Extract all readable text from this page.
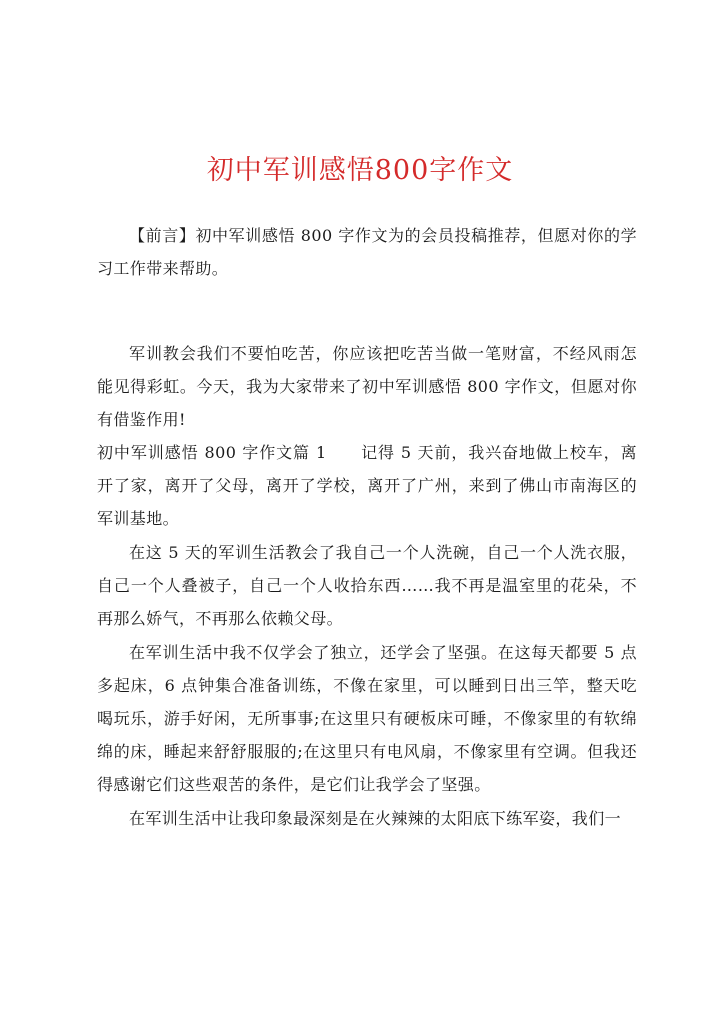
初中军训感悟800字作文

【前言】初中军训感悟 800 字作文为的会员投稿推荐，但愿对你的学习工作带来帮助。

军训教会我们不要怕吃苦，你应该把吃苦当做一笔财富，不经风雨怎能见得彩虹。今天，我为大家带来了初中军训感悟 800 字作文，但愿对你有借鉴作用!

初中军训感悟 800 字作文篇 1 记得 5 天前，我兴奋地做上校车，离开了家，离开了父母，离开了学校，离开了广州，来到了佛山市南海区的军训基地。

在这 5 天的军训生活教会了我自己一个人洗碗，自己一个人洗衣服，自己一个人叠被子，自己一个人收拾东西……我不再是温室里的花朵，不再那么娇气，不再那么依赖父母。

在军训生活中我不仅学会了独立，还学会了坚强。在这每天都要 5 点多起床，6 点钟集合准备训练，不像在家里，可以睡到日出三竿，整天吃喝玩乐，游手好闲，无所事事;在这里只有硬板床可睡，不像家里的有软绵绵的床，睡起来舒舒服服的;在这里只有电风扇，不像家里有空调。但我还得感谢它们这些艰苦的条件，是它们让我学会了坚强。

在军训生活中让我印象最深刻是在火辣辣的太阳底下练军姿，我们一
